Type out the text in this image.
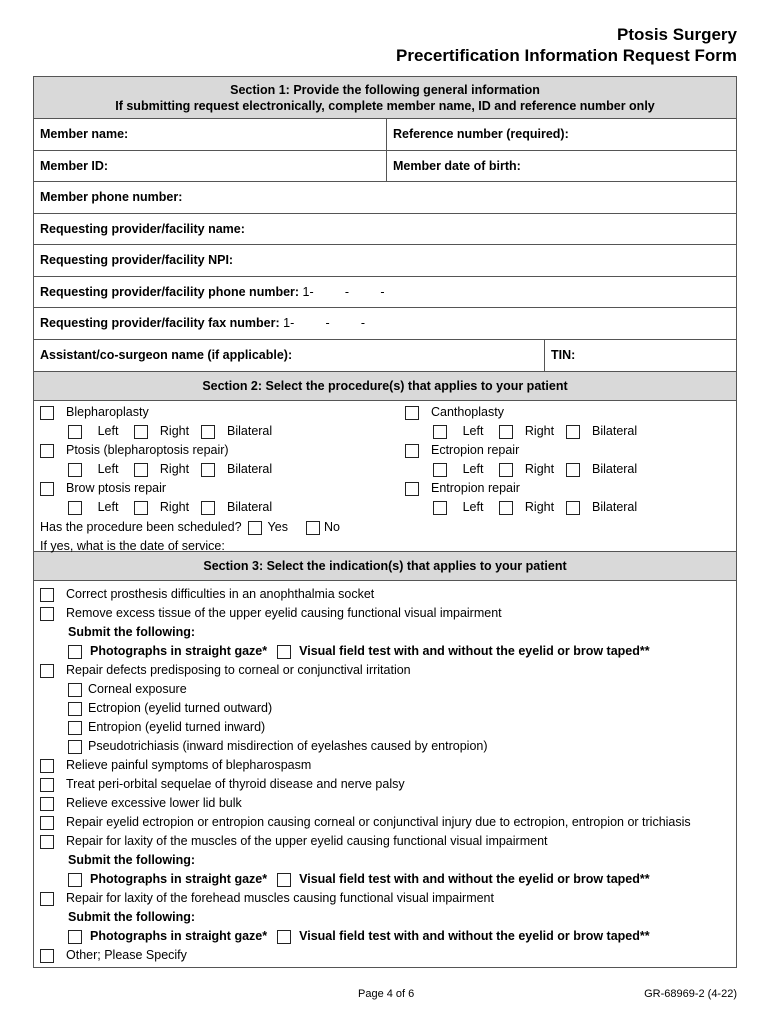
Ptosis Surgery
Precertification Information Request Form
Section 1: Provide the following general information
If submitting request electronically, complete member name, ID and reference number only
Member name:	Reference number (required):
Member ID:	Member date of birth:
Member phone number:
Requesting provider/facility name:
Requesting provider/facility NPI:
Requesting provider/facility phone number: 1-         -         -
Requesting provider/facility fax number: 1-         -         -
Assistant/co-surgeon name (if applicable):	TIN:
Section 2: Select the procedure(s) that applies to your patient
Blepharoplasty
Left	Right	Bilateral
Ptosis (blepharoptosis repair)
Left	Right	Bilateral
Brow ptosis repair
Left	Right	Bilateral
Has the procedure been scheduled? Yes	No
If yes, what is the date of service:
Canthoplasty
Left	Right	Bilateral
Ectropion repair
Left	Right	Bilateral
Entropion repair
Left	Right	Bilateral
Section 3: Select the indication(s) that applies to your patient
Correct prosthesis difficulties in an anophthalmia socket
Remove excess tissue of the upper eyelid causing functional visual impairment
Submit the following:
Photographs in straight gaze*	Visual field test with and without the eyelid or brow taped**
Repair defects predisposing to corneal or conjunctival irritation
Corneal exposure
Ectropion (eyelid turned outward)
Entropion (eyelid turned inward)
Pseudotrichiasis (inward misdirection of eyelashes caused by entropion)
Relieve painful symptoms of blepharospasm
Treat peri-orbital sequelae of thyroid disease and nerve palsy
Relieve excessive lower lid bulk
Repair eyelid ectropion or entropion causing corneal or conjunctival injury due to ectropion, entropion or trichiasis
Repair for laxity of the muscles of the upper eyelid causing functional visual impairment
Submit the following:
Photographs in straight gaze*	Visual field test with and without the eyelid or brow taped**
Repair for laxity of the forehead muscles causing functional visual impairment
Submit the following:
Photographs in straight gaze*	Visual field test with and without the eyelid or brow taped**
Other; Please Specify
Page 4 of 6	GR-68969-2 (4-22)
